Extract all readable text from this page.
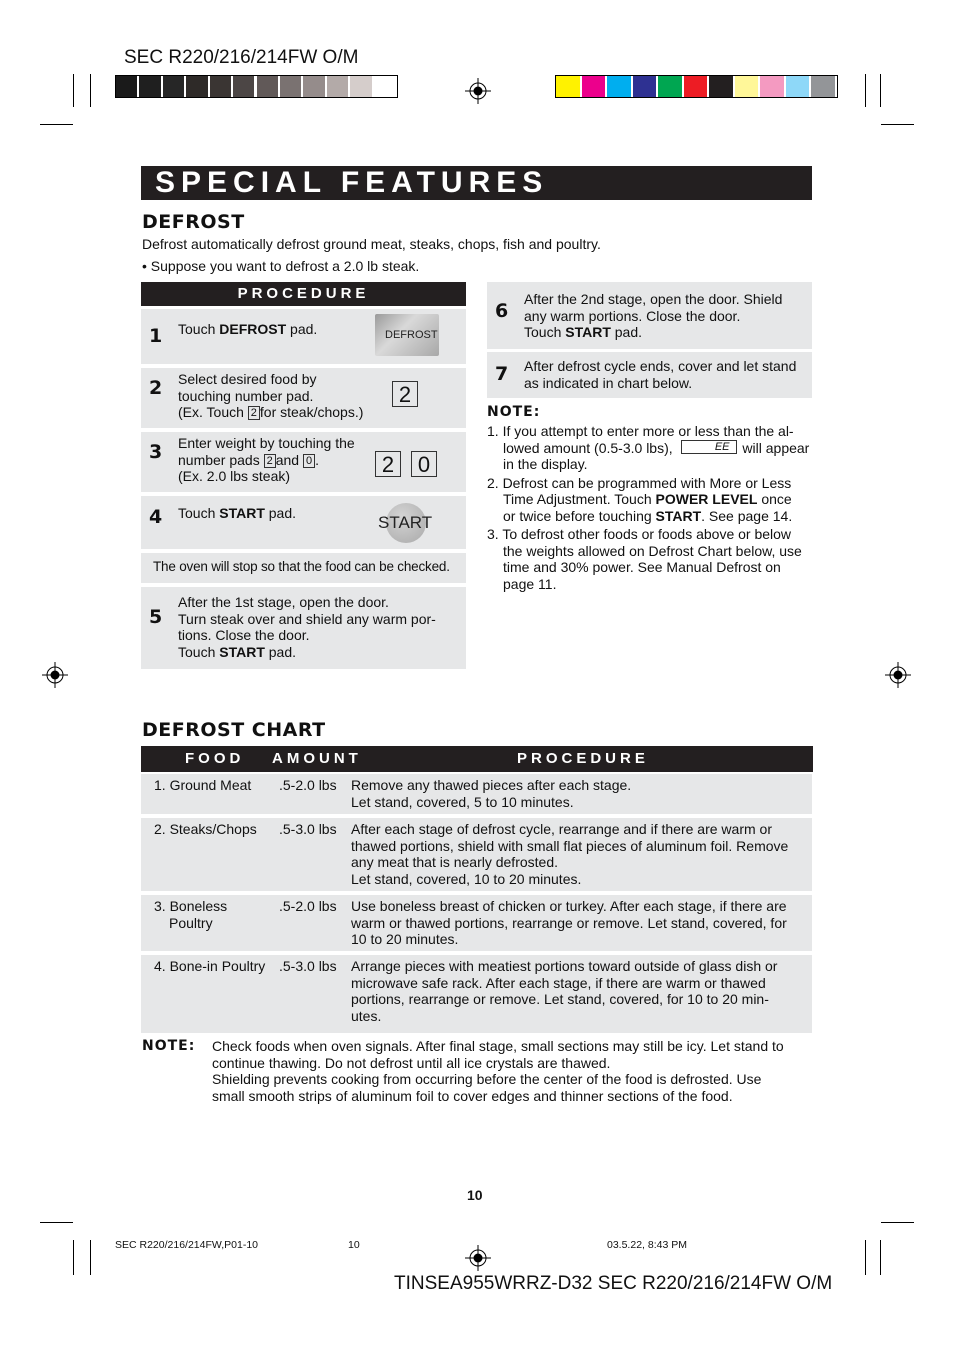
SEC R220/216/214FW O/M
SPECIAL FEATURES
DEFROST
Defrost automatically defrost ground meat, steaks, chops, fish and poultry.
• Suppose you want to defrost a 2.0 lb steak.
PROCEDURE
1 Touch DEFROST pad.	DEFROST
2 Select desired food by
touching number pad.
(Ex. Touch 2 for steak/chops.)
2
3 Enter weight by touching the
number pads 2 and 0 .
(Ex. 2.0 lbs steak)	2	0
4 Touch START pad.	START
The oven will stop so that the food can be checked.
5
After the 1st stage, open the door.
Turn steak over and shield any warm por-
tions. Close the door.
Touch START pad.
6
After the 2nd stage, open the door. Shield
any warm portions. Close the door.
Touch START pad.
7 After defrost cycle ends, cover and let stand
as indicated in chart below.
NOTE:
1. If you attempt to enter more or less than the al-
lowed amount (0.5-3.0 lbs),	EE will appear
in the display.
2. Defrost can be programmed with More or Less
Time Adjustment. Touch POWER LEVEL once
or twice before touching START. See page 14.
3. To defrost other foods or foods above or below
the weights allowed on Defrost Chart below, use
time and 30% power. See Manual Defrost on
page 11.
DEFROST CHART
FOOD AMOUNT	PROCEDURE
1. Ground Meat .5-2.0 lbs Remove any thawed pieces after each stage.
Let stand, covered, 5 to 10 minutes.
2. Steaks/Chops .5-3.0 lbs After each stage of defrost cycle, rearrange and if there are warm or
thawed portions, shield with small flat pieces of aluminum foil. Remove
any meat that is nearly defrosted.
Let stand, covered, 10 to 20 minutes.
3. Boneless
Poultry
.5-2.0 lbs Use boneless breast of chicken or turkey. After each stage, if there are
warm or thawed portions, rearrange or remove. Let stand, covered, for
10 to 20 minutes.
4. Bone-in Poultry .5-3.0 lbs Arrange pieces with meatiest portions toward outside of glass dish or
microwave safe rack. After each stage, if there are warm or thawed
portions, rearrange or remove. Let stand, covered, for 10 to 20 min-
utes.
NOTE: Check foods when oven signals. After final stage, small sections may still be icy. Let stand to
continue thawing. Do not defrost until all ice crystals are thawed.
Shielding prevents cooking from occurring before the center of the food is defrosted. Use
small smooth strips of aluminum foil to cover edges and thinner sections of the food.
10
SEC R220/216/214FW,P01-10	10	03.5.22, 8:43 PM
TINSEA955WRRZ-D32 SEC R220/216/214FW O/M
